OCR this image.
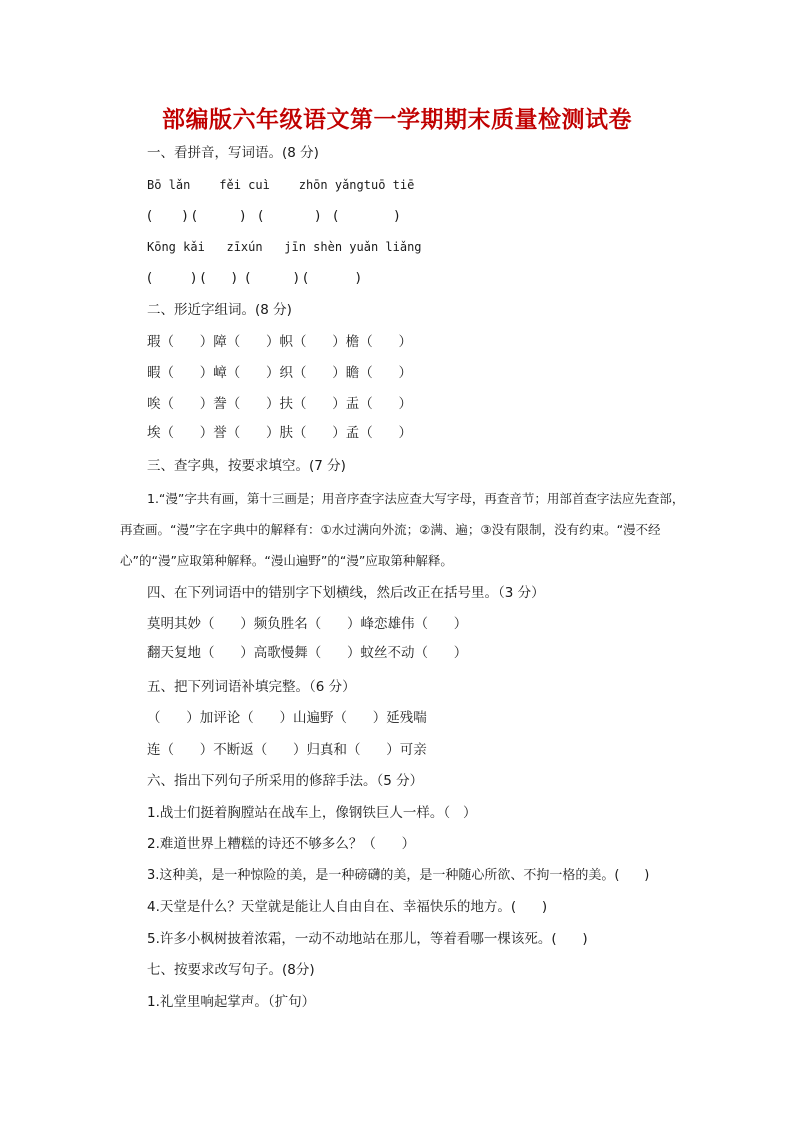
部编版六年级语文第一学期期末质量检测试卷
一、看拼音，写词语。(8 分)
Bō lǎn    fěi cuì    zhōn yǎngtuō tiē
(       ) (          )   (            )   (             )
Kōng kǎi   zīxún   jīn shèn yuǎn liǎng
(         ) (      )  (          ) (           )
二、形近字组词。(8 分)
瑕（      ）障（      ）帜（      ）檐（      ）
暇（      ）嶂（      ）织（      ）瞻（      ）
唉（      ）誊（      ）扶（      ）盂（      ）
埃（      ）誉（      ）肤（      ）孟（      ）
三、查字典，按要求填空。(7 分)
1.“漫”字共有画，第十三画是；用音序查字法应查大写字母，再查音节；用部首查字法应先查部，再查画。“漫”字在字典中的解释有：①水过满向外流；②满、遍；③没有限制，没有约束。“漫不经心”的“漫”应取第种解释。“漫山遍野”的“漫”应取第种解释。
四、在下列词语中的错别字下划横线，然后改正在括号里。（3 分）
莫明其妙（      ）频负胜名（      ）峰恋雄伟（      ）
翻天复地（      ）高歌慢舞（      ）蚊丝不动（      ）
五、把下列词语补填完整。（6 分）
（      ）加评论（      ）山遍野（      ）延残喘
连（      ）不断返（      ）归真和（      ）可亲
六、指出下列句子所采用的修辞手法。（5 分）
1.战士们挺着胸膛站在战车上，像钢铁巨人一样。（   ）
2.难道世界上糟糕的诗还不够多么？（      ）
3.这种美，是一种惊险的美，是一种磅礴的美，是一种随心所欲、不拘一格的美。(      )
4.天堂是什么？天堂就是能让人自由自在、幸福快乐的地方。(      )
5.许多小枫树披着浓霜，一动不动地站在那儿，等着看哪一棵该死。(      )
七、按要求改写句子。(8分)
1.礼堂里响起掌声。（扩句）
